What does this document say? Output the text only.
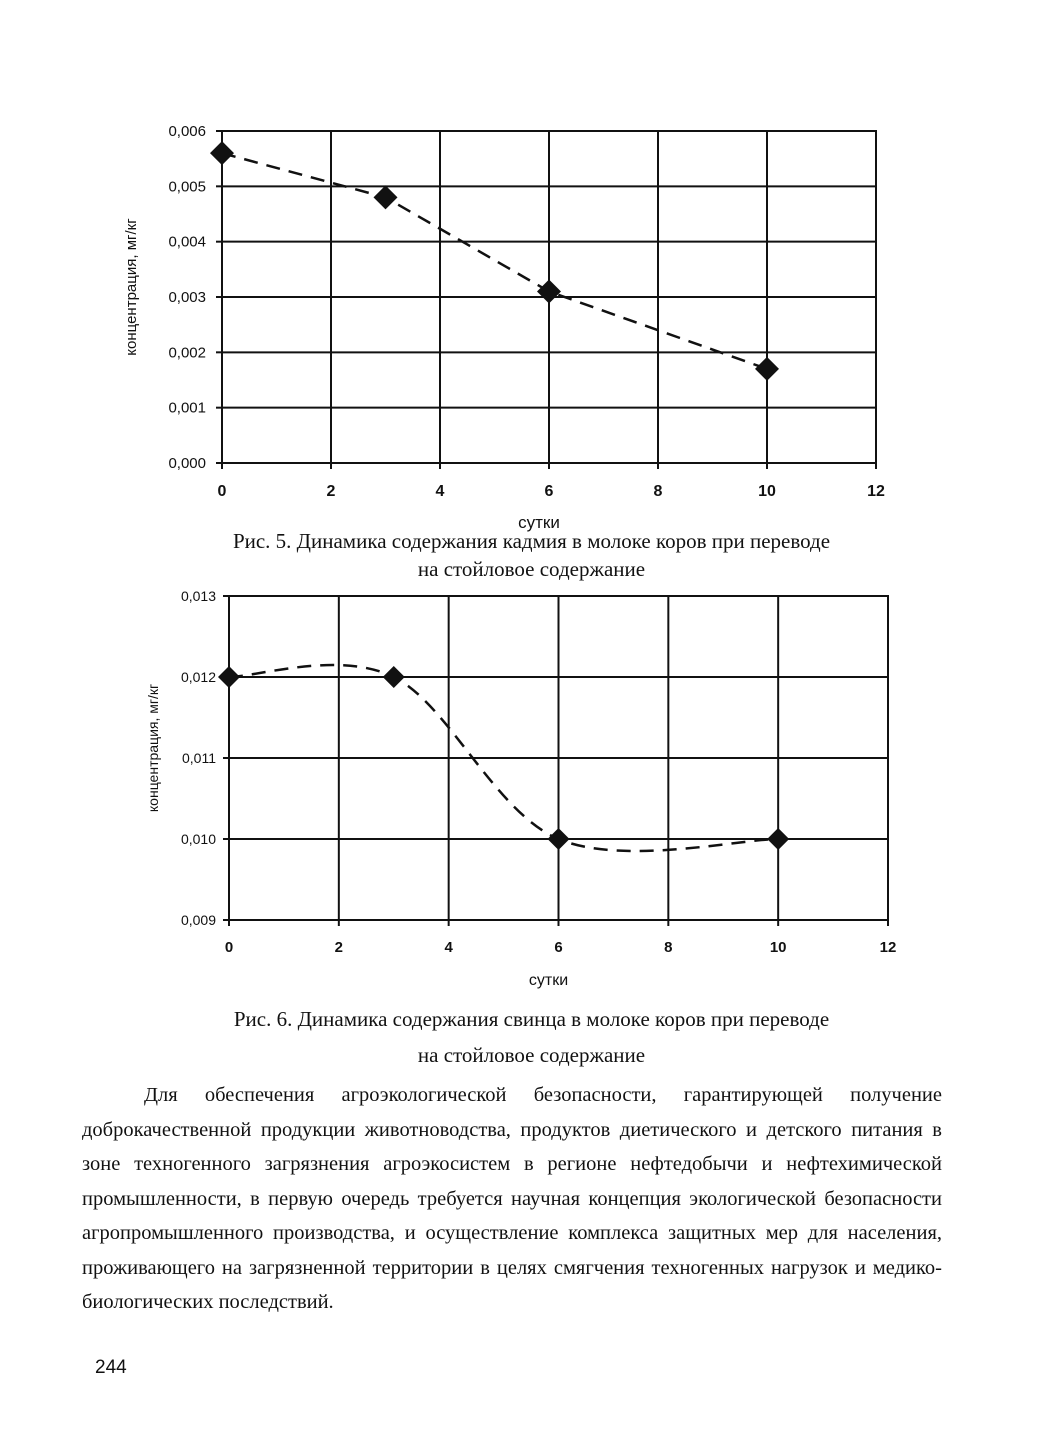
0,000
0,001
0,002
0,003
0,004
0,005
0,006
0	2	4	6	8	10	12
сутки
концентрация, мг/кг
Рис. 5. Динамика содержания кадмия в молоке коров при переводе
на стойловое содержание
0,009
0,010
0,011
0,012
0,013
0	2	4	6	8	10	12
сутки
концентрация, мг/кг
Рис. 6. Динамика содержания свинца в молоке коров при переводе
на стойловое содержание
Для обеспечения агроэкологической безопасности, гарантирующей получение доброкачественной продукции животноводства, продуктов диетического и детского питания в зоне техногенного загрязнения агроэкосистем в регионе нефтедобычи и нефтехимической промышленности, в первую очередь требуется научная концепция экологической безопасности агропромышленного производства, и осуществление комплекса защитных мер для населения, проживающего на загрязненной территории в целях смягчения техногенных нагрузок и медико-биологических последствий.
244
